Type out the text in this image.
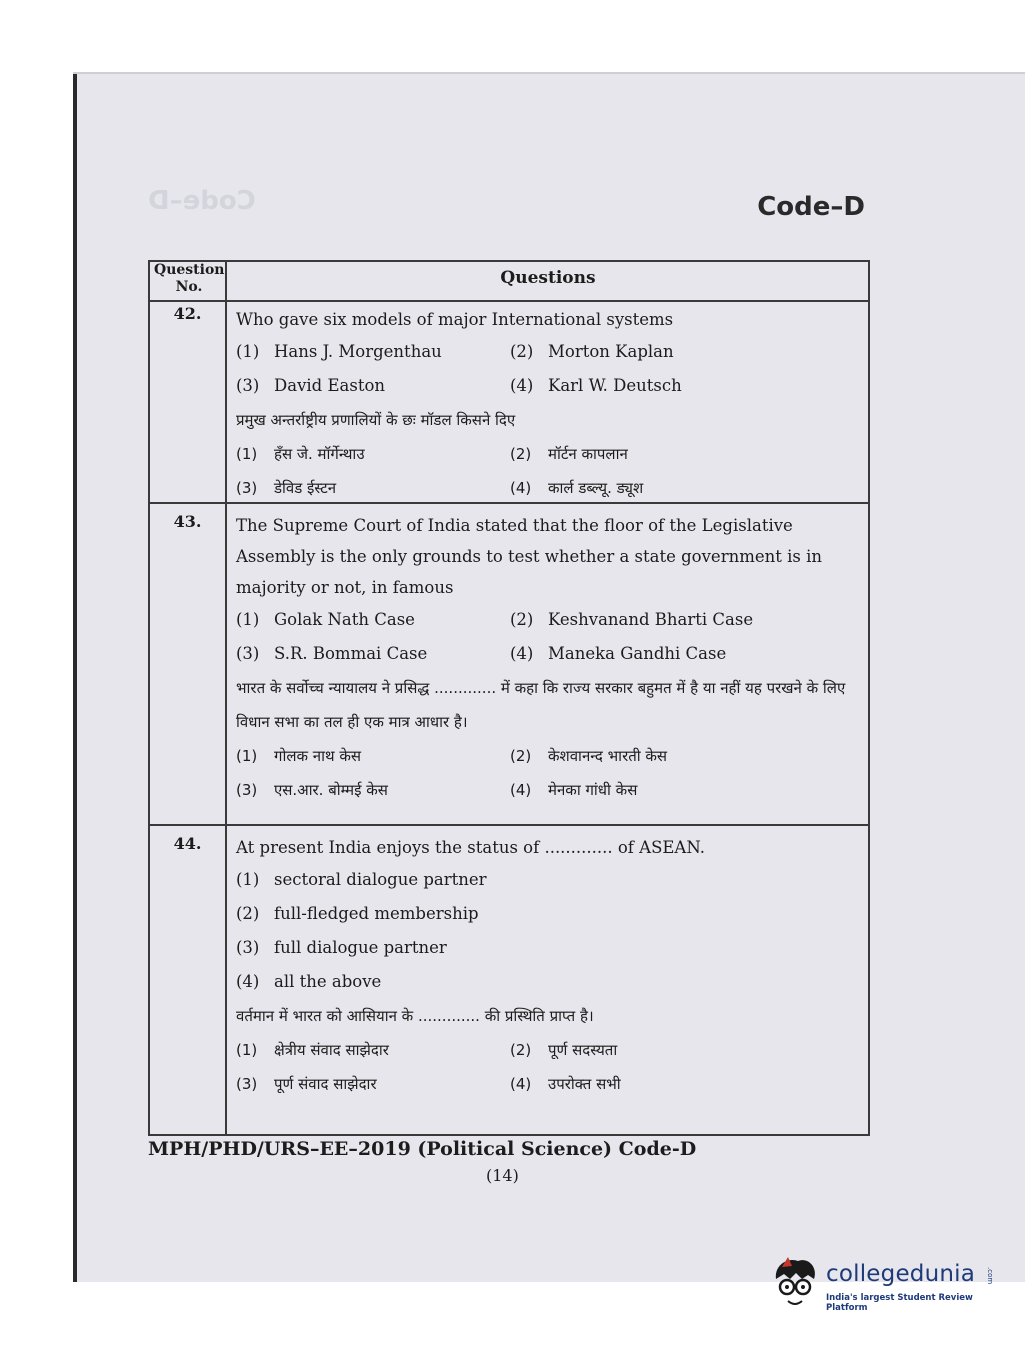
Code–D	Code–D
Question No.	Questions
42.	Who gave six models of major International systems
(1) Hans J. Morgenthau	(2) Morton Kaplan
(3) David Easton	(4) Karl W. Deutsch
प्रमुख अन्तर्राष्ट्रीय प्रणालियों के छः मॉडल किसने दिए
(1) हँस जे. मॉर्गेन्थाउ	(2) मॉर्टन कापलान
(3) डेविड ईस्टन	(4) कार्ल डब्ल्यू. ड्यूश
43.	The Supreme Court of India stated that the floor of the Legislative Assembly is the only grounds to test whether a state government is in majority or not, in famous
(1) Golak Nath Case	(2) Keshvanand Bharti Case
(3) S.R. Bommai Case	(4) Maneka Gandhi Case
भारत के सर्वोच्च न्यायालय ने प्रसिद्ध ............. में कहा कि राज्य सरकार बहुमत में है या नहीं यह परखने के लिए विधान सभा का तल ही एक मात्र आधार है।
(1) गोलक नाथ केस	(2) केशवानन्द भारती केस
(3) एस.आर. बोम्मई केस	(4) मेनका गांधी केस
44.	At present India enjoys the status of ............. of ASEAN.
(1) sectoral dialogue partner
(2) full-fledged membership
(3) full dialogue partner
(4) all the above
वर्तमान में भारत को आसियान के ............. की प्रस्थिति प्राप्त है।
(1) क्षेत्रीय संवाद साझेदार	(2) पूर्ण सदस्यता
(3) पूर्ण संवाद साझेदार	(4) उपरोक्त सभी
MPH/PHD/URS–EE–2019 (Political Science) Code-D
(14)
collegedunia .com
India's largest Student Review Platform
